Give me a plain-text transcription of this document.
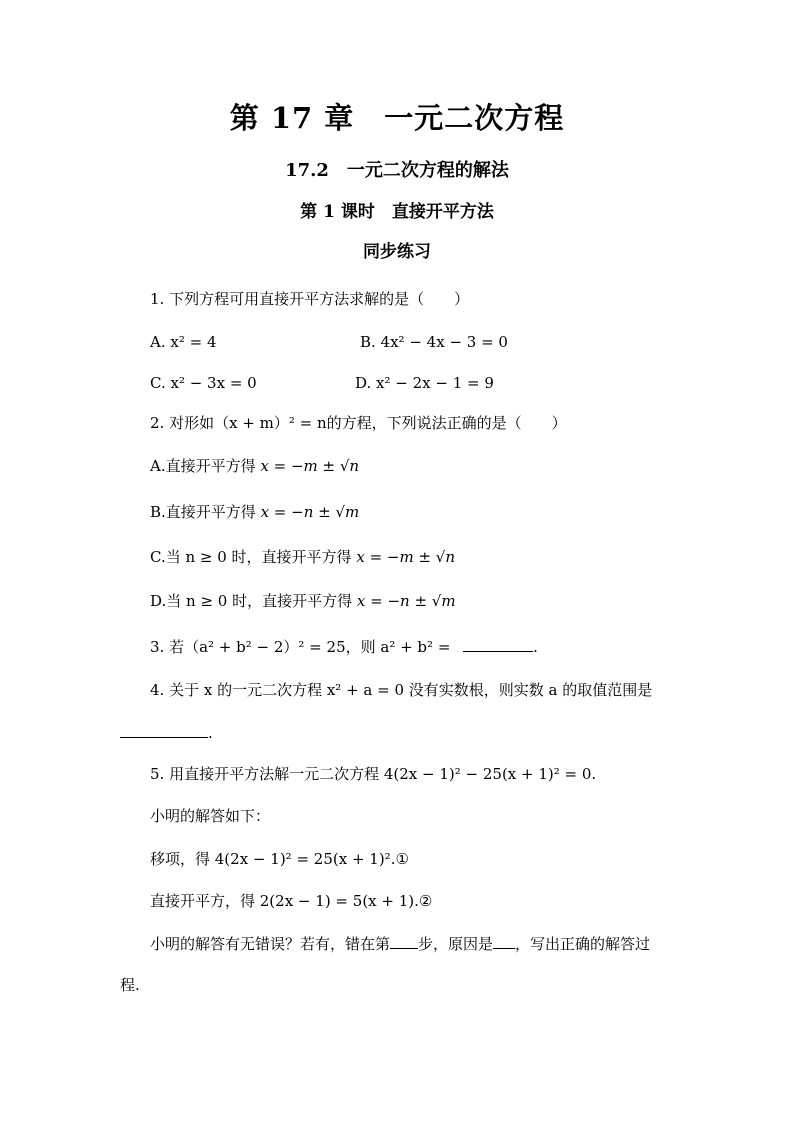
第 17 章　一元二次方程
17.2　一元二次方程的解法
第 1 课时　直接开平方法
同步练习
1. 下列方程可用直接开平方法求解的是（　　）
A. x² = 4	B. 4x² − 4x − 3 = 0
C. x² − 3x = 0	D. x² − 2x − 1 = 9
2. 对形如（x + m）² = n的方程，下列说法正确的是（　　）
A.直接开平方得 x = −m ± √n
B.直接开平方得 x = −n ± √m
C.当 n ≥ 0 时，直接开平方得 x = −m ± √n
D.当 n ≥ 0 时，直接开平方得 x = −n ± √m
3. 若（a² + b² − 2）² = 25，则 a² + b² =	.
4. 关于 x 的一元二次方程 x² + a = 0 没有实数根，则实数 a 的取值范围是
.
5. 用直接开平方法解一元二次方程 4(2x − 1)² − 25(x + 1)² = 0.
小明的解答如下：
移项，得 4(2x − 1)² = 25(x + 1)².①
直接开平方，得 2(2x − 1) = 5(x + 1).②
小明的解答有无错误？若有，错在第 步，原因是 ，写出正确的解答过
程.
